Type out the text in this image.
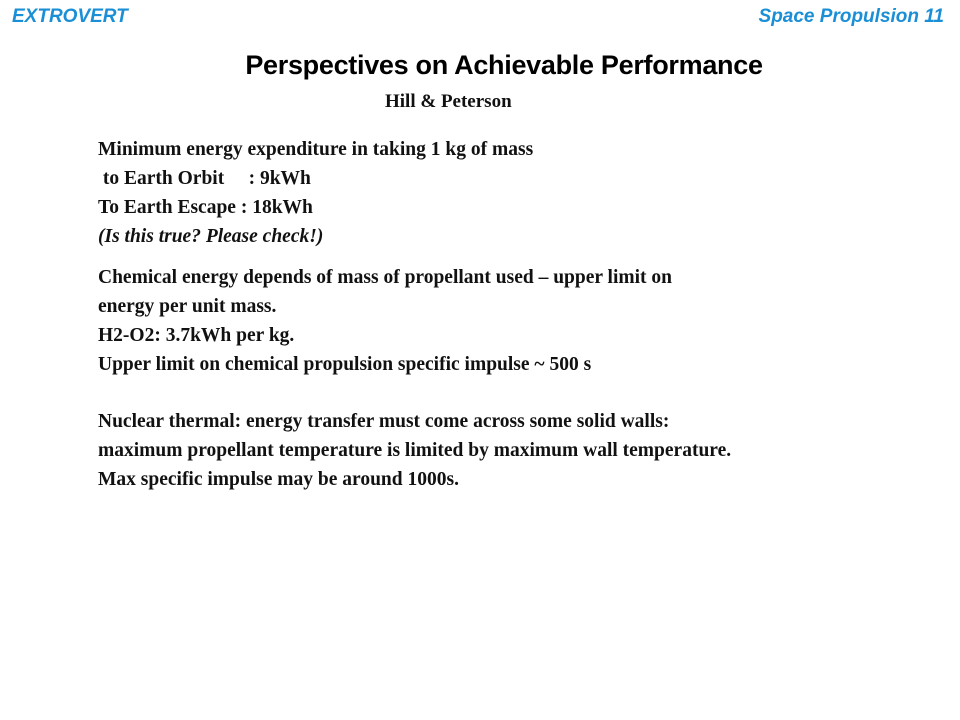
EXTROVERT	Space Propulsion 11
Perspectives on Achievable Performance
Hill & Peterson
Minimum energy expenditure in taking 1 kg of mass
to Earth Orbit     : 9kWh
To Earth Escape : 18kWh
(Is this true? Please check!)
Chemical energy depends of mass of propellant used – upper limit on
energy per unit mass.
H2-O2: 3.7kWh per kg.
Upper limit on chemical propulsion specific impulse ~ 500 s
Nuclear thermal: energy transfer must come across some solid walls:
maximum propellant temperature is limited by maximum wall temperature.
Max specific impulse may be around 1000s.
